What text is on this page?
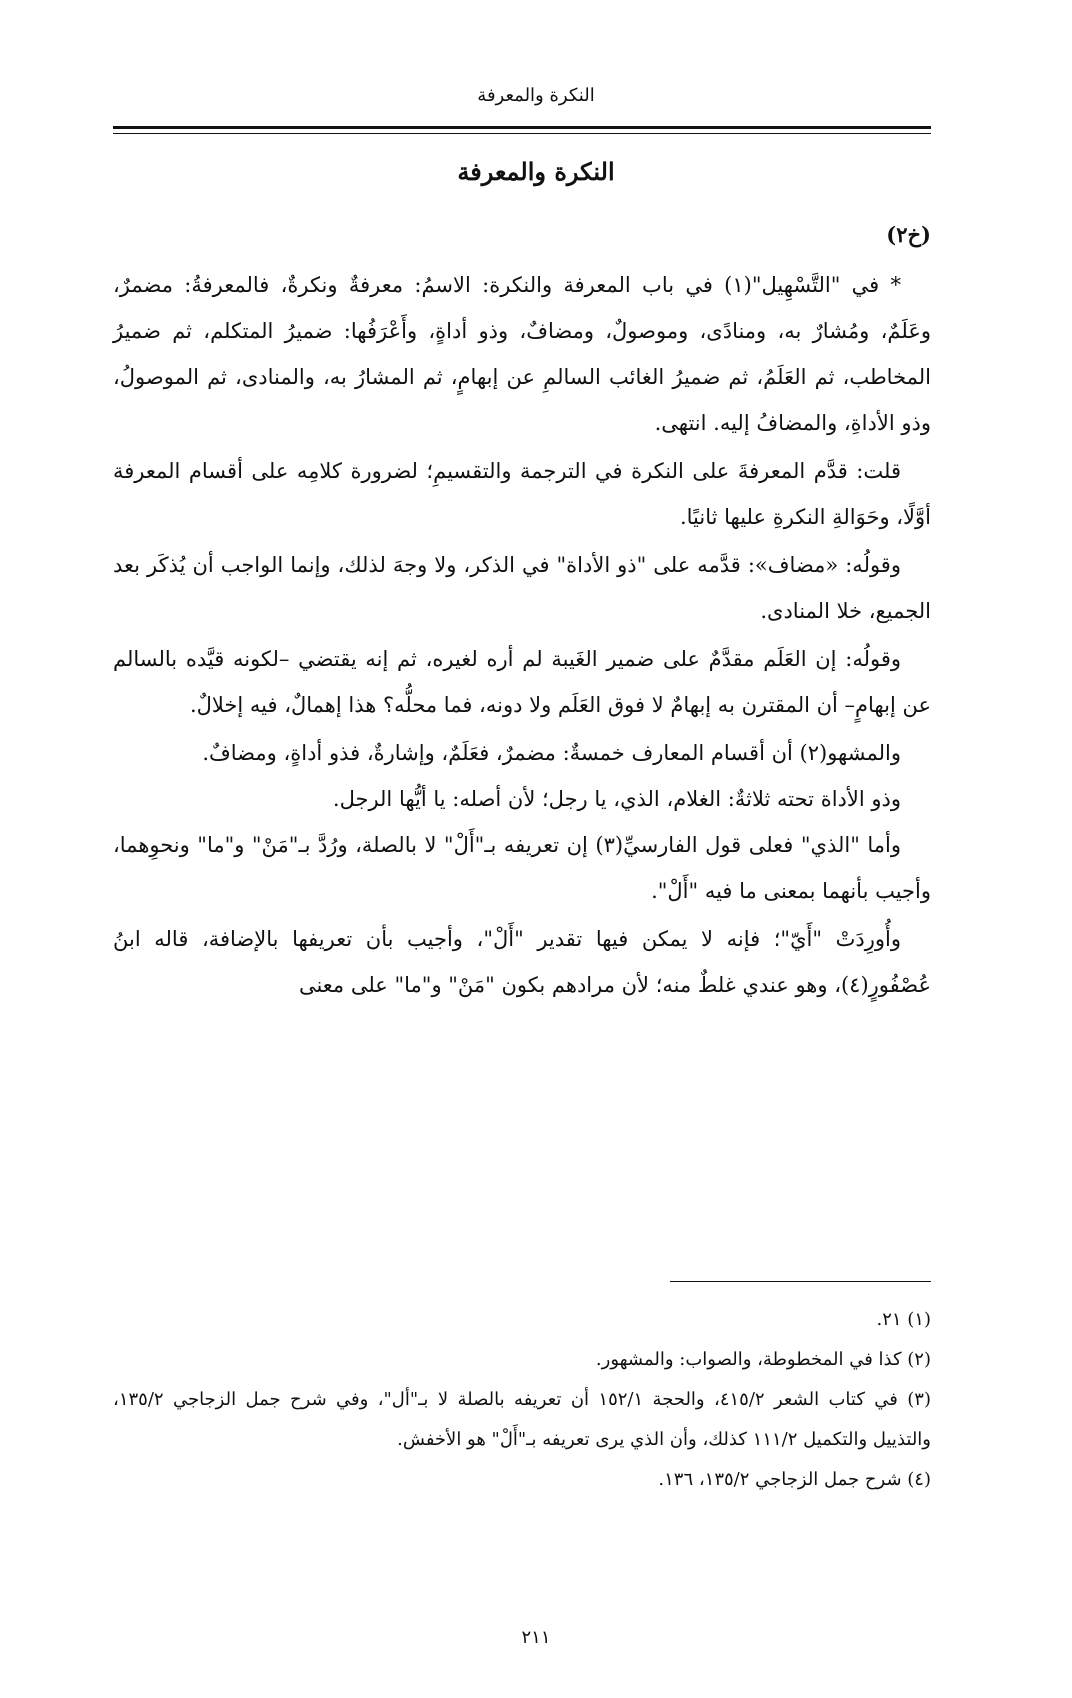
النكرة والمعرفة
النكرة والمعرفة
(خ٢)

* في "التَّسْهِيل"(١) في باب المعرفة والنكرة: الاسمُ: معرفةٌ ونكرةٌ، فالمعرفةُ: مضمرٌ، وعَلَمٌ، ومُشارٌ به، ومنادًى، وموصولٌ، ومضافٌ، وذو أداةٍ، وأَعْرَفُها: ضميرُ المتكلم، ثم ضميرُ المخاطب، ثم العَلَمُ، ثم ضميرُ الغائب السالمِ عن إبهامٍ، ثم المشارُ به، والمنادى، ثم الموصولُ، وذو الأداةِ، والمضافُ إليه. انتهى.

قلت: قدَّم المعرفةَ على النكرة في الترجمة والتقسيمِ؛ لضرورة كلامِه على أقسام المعرفة أوَّلًا، وحَوَالةِ النكرةِ عليها ثانيًا.

وقولُه: «مضاف»: قدَّمه على "ذو الأداة" في الذكر، ولا وجهَ لذلك، وإنما الواجب أن يُذكَر بعد الجميع، خلا المنادى.

وقولُه: إن العَلَم مقدَّمٌ على ضمير الغَيبة لم أره لغيره، ثم إنه يقتضي –لكونه قيَّده بالسالم عن إبهامٍ– أن المقترن به إبهامٌ لا فوق العَلَم ولا دونه، فما محلُّه؟ هذا إهمالٌ، فيه إخلالٌ.

والمشهو(٢) أن أقسام المعارف خمسةٌ: مضمرٌ، فعَلَمٌ، وإشارةٌ، فذو أداةٍ، ومضافٌ.

وذو الأداة تحته ثلاثةٌ: الغلام، الذي، يا رجل؛ لأن أصله: يا أيُّها الرجل.

وأما "الذي" فعلى قول الفارسيِّ(٣) إن تعريفه بـ"أَلْ" لا بالصلة، ورُدَّ بـ"مَنْ" و"ما" ونحوِهما، وأجيب بأنهما بمعنى ما فيه "أَلْ".

وأُورِدَتْ "أَيّ"؛ فإنه لا يمكن فيها تقدير "أَلْ"، وأجيب بأن تعريفها بالإضافة، قاله ابنُ عُصْفُورٍ(٤)، وهو عندي غلطٌ منه؛ لأن مرادهم بكون "مَنْ" و"ما" على معنى

(١) ٢١.

(٢) كذا في المخطوطة، والصواب: والمشهور.

(٣) في كتاب الشعر ٤١٥/٢، والحجة ١٥٢/١ أن تعريفه بالصلة لا بـ"أل"، وفي شرح جمل الزجاجي ١٣٥/٢، والتذييل والتكميل ١١١/٢ كذلك، وأن الذي يرى تعريفه بـ"أَلْ" هو الأخفش.

(٤) شرح جمل الزجاجي ١٣٥/٢، ١٣٦.

٢١١
